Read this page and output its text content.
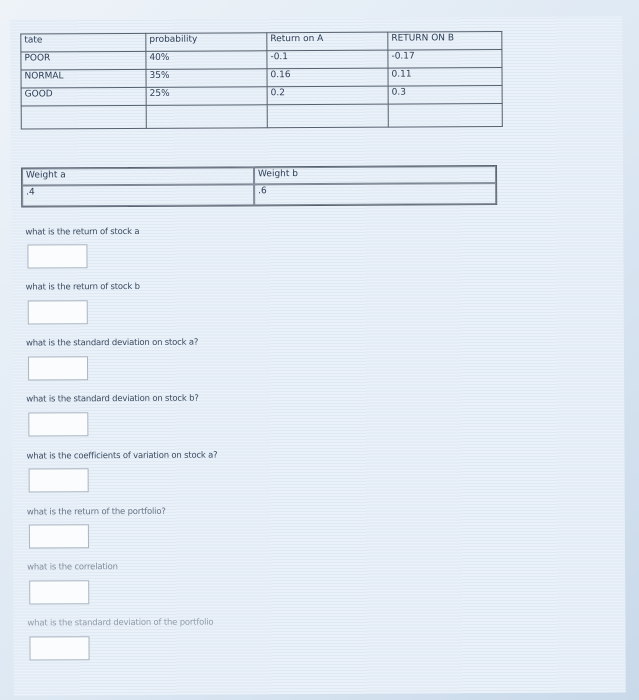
tate	probability	Return on A	RETURN ON B
POOR	40%	-0.1	-0.17
NORMAL	35%	0.16	0.11
GOOD	25%	0.2	0.3

Weight a	Weight b
.4	.6
what is the return of stock a
what is the return of stock b
what is the standard deviation on stock a?
what is the standard deviation on stock b?
what is the coefficients of variation on stock a?
what is the return of the portfolio?
what is the correlation
what is the standard deviation of the portfolio
